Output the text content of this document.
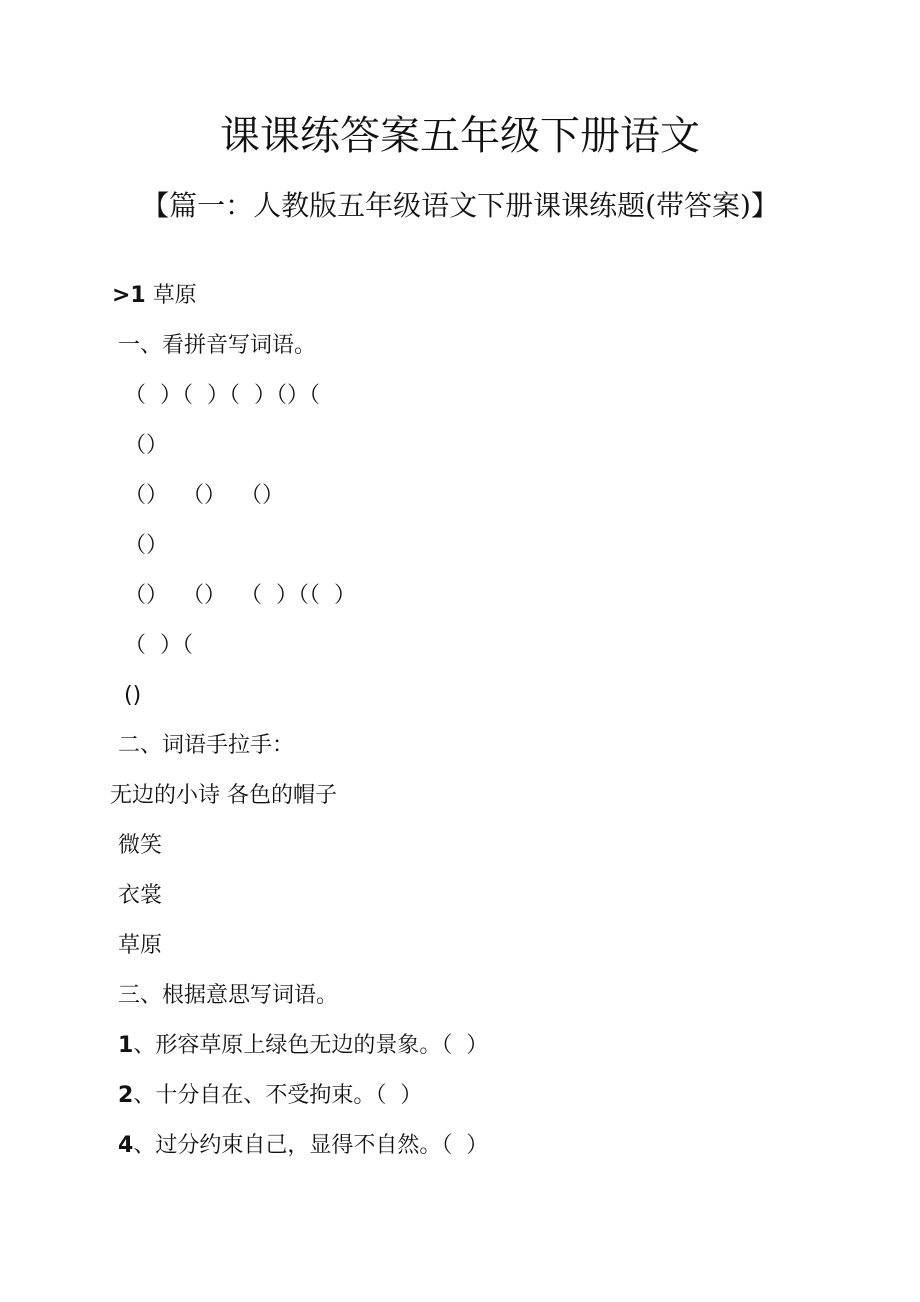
课课练答案五年级下册语文
【篇一：人教版五年级语文下册课课练题(带答案)】
>1 草原
一、看拼音写词语。
（  ）（  ）（  ）（）（
（）
（）  （）  （）
（）
（）  （）  （  ）（（  ）
（  ）（
()
二、词语手拉手：
无边的小诗 各色的帽子
微笑
衣裳
草原
三、根据意思写词语。
1、形容草原上绿色无边的景象。（  ）
2、十分自在、不受拘束。（  ）
4、过分约束自己，显得不自然。（  ）
